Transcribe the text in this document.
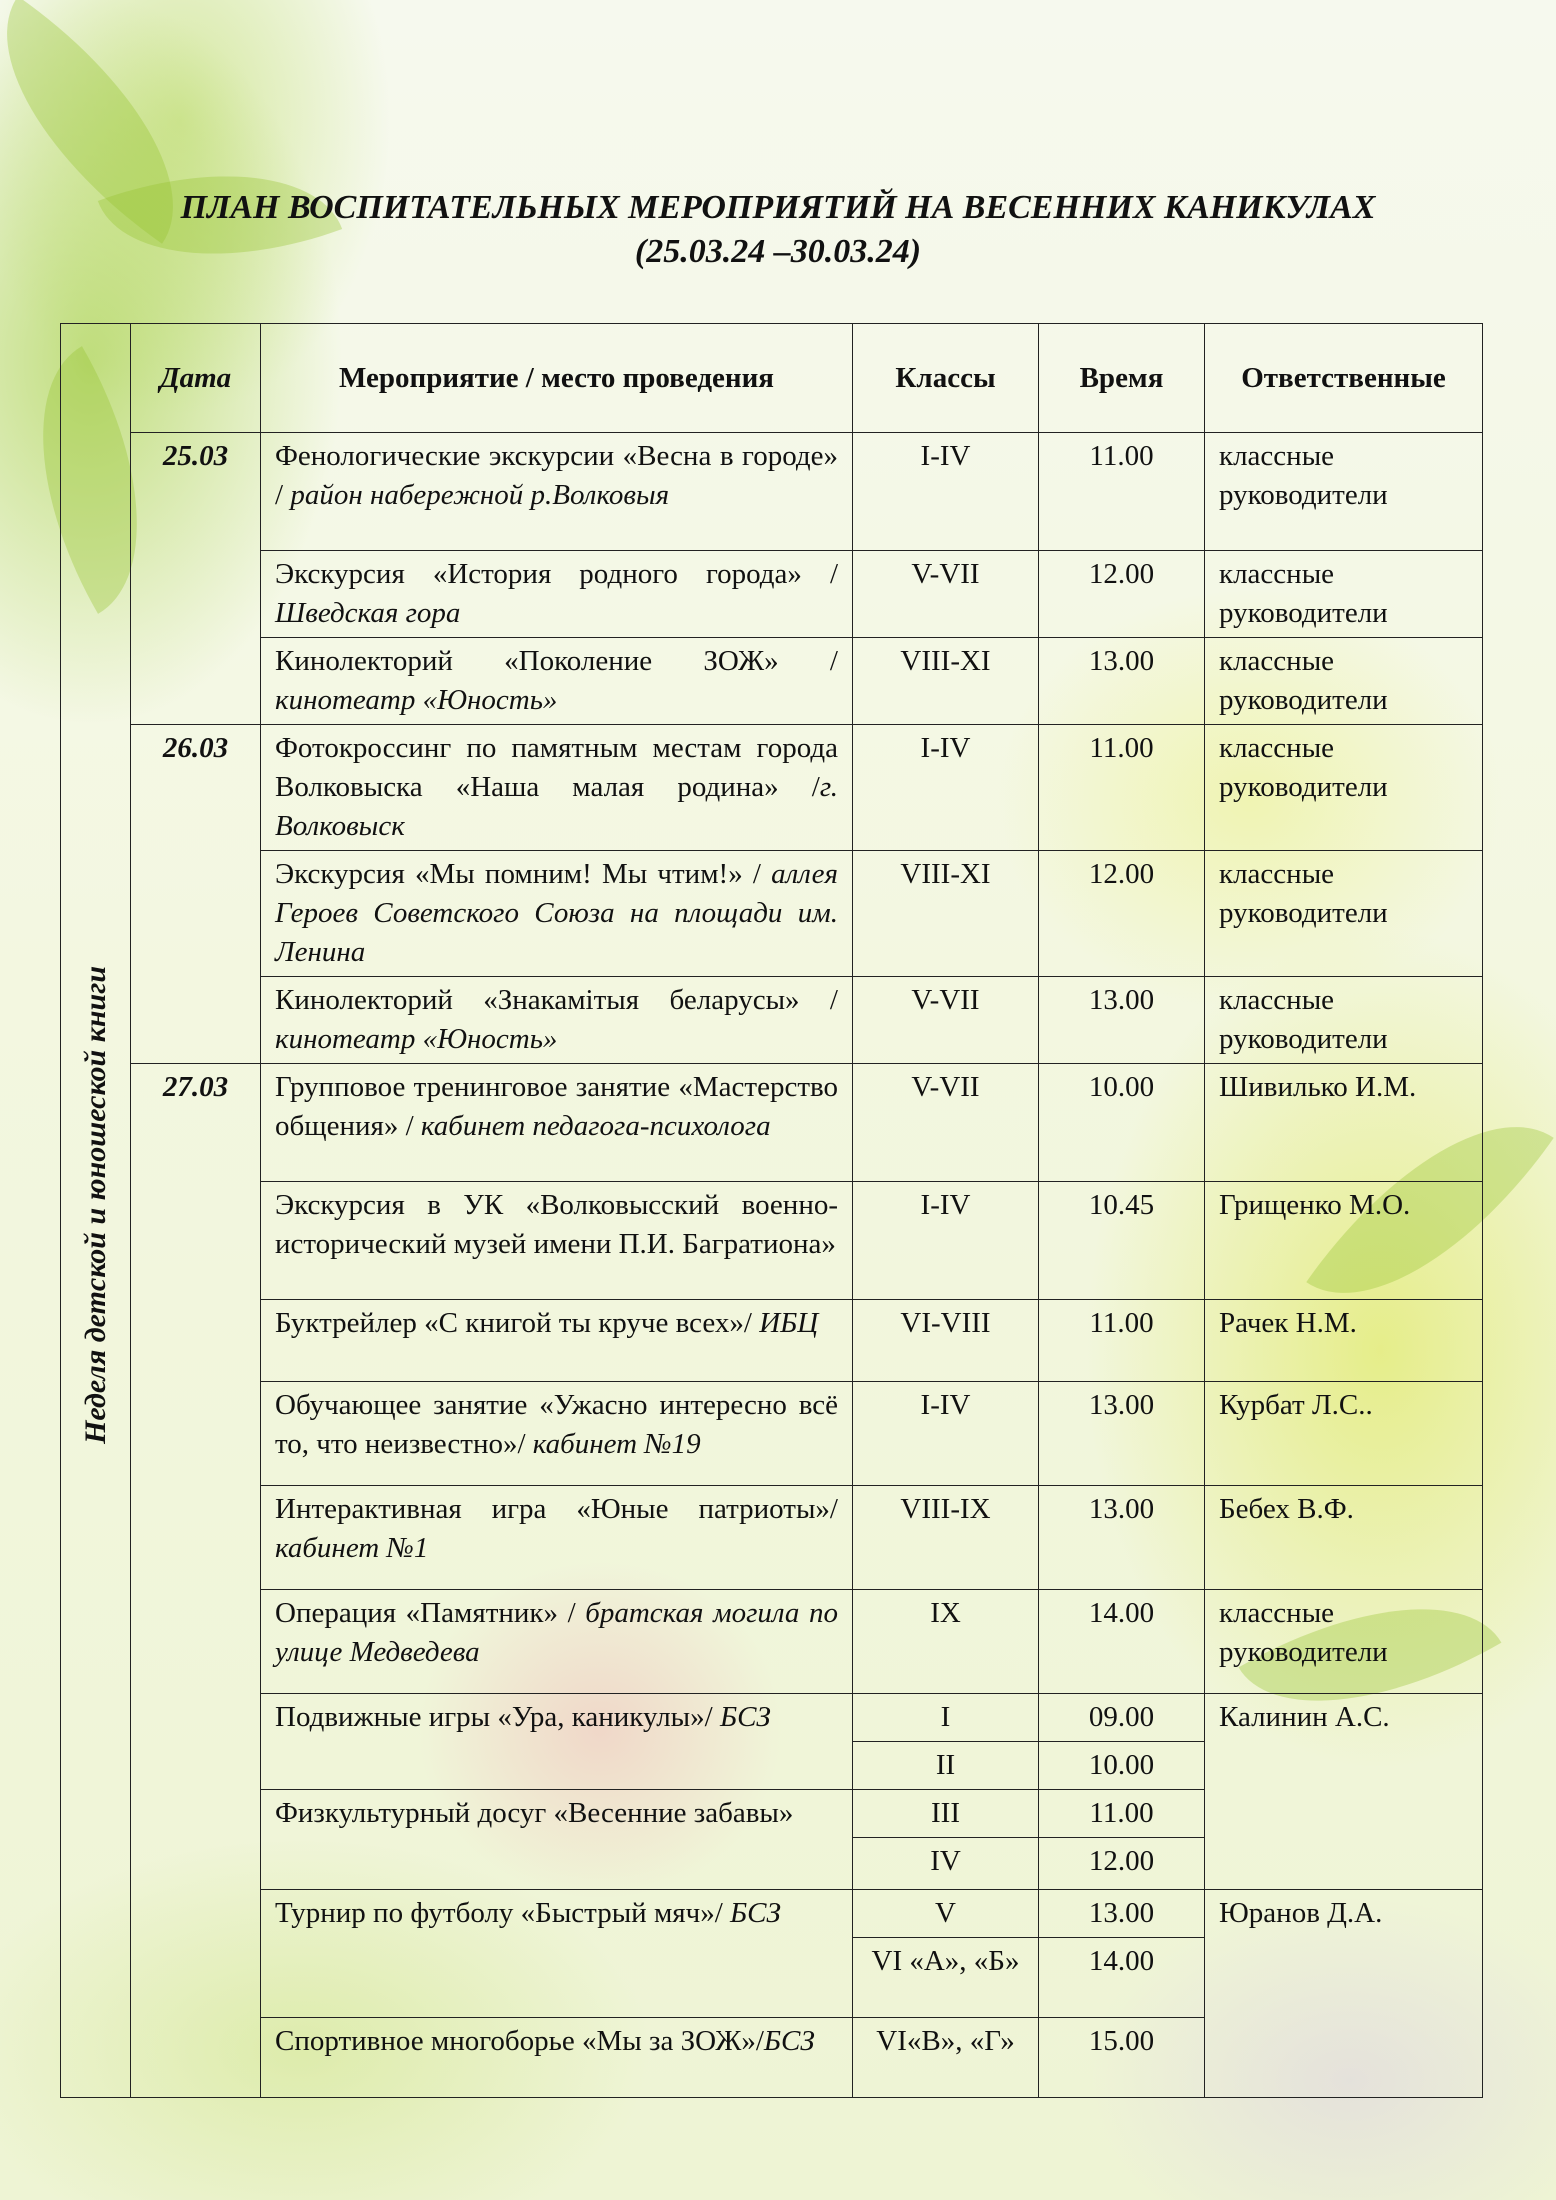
ПЛАН ВОСПИТАТЕЛЬНЫХ МЕРОПРИЯТИЙ НА ВЕСЕННИХ КАНИКУЛАХ
(25.03.24 –30.03.24)
Неделя детской и юношеской книги	Дата	Мероприятие / место проведения	Классы	Время	Ответственные
	25.03	Фенологические экскурсии «Весна в городе» / район набережной р.Волковыя	I-IV	11.00	классные руководители
		Экскурсия «История родного города» / Шведская гора	V-VII	12.00	классные руководители
		Кинолекторий «Поколение ЗОЖ» / кинотеатр «Юность»	VIII-XI	13.00	классные руководители
	26.03	Фотокроссинг по памятным местам города Волковыска «Наша малая родина» /г. Волковыск	I-IV	11.00	классные руководители
		Экскурсия «Мы помним! Мы чтим!» / аллея Героев Советского Союза на площади им. Ленина	VIII-XI	12.00	классные руководители
		Кинолекторий «Знакамітыя беларусы» / кинотеатр «Юность»	V-VII	13.00	классные руководители
	27.03	Групповое тренинговое занятие «Мастерство общения» / кабинет педагога-психолога	V-VII	10.00	Шивилько И.М.
		Экскурсия в УК «Волковысский военно-исторический музей имени П.И. Багратиона»	I-IV	10.45	Грищенко М.О.
		Буктрейлер «С книгой ты круче всех»/ ИБЦ	VI-VIII	11.00	Рачек Н.М.
		Обучающее занятие «Ужасно интересно всё то, что неизвестно»/ кабинет №19	I-IV	13.00	Курбат Л.С..
		Интерактивная игра «Юные патриоты»/ кабинет №1	VIII-IX	13.00	Бебех В.Ф.
		Операция «Памятник» / братская могила по улице Медведева	IX	14.00	классные руководители
		Подвижные игры «Ура, каникулы»/ БСЗ	I	09.00	Калинин А.С.
			II	10.00	
		Физкультурный досуг «Весенние забавы»	III	11.00	
			IV	12.00	
		Турнир по футболу «Быстрый мяч»/ БСЗ	V	13.00	Юранов Д.А.
			VI «А», «Б»	14.00	
		Спортивное многоборье «Мы за ЗОЖ»/БСЗ	VI«В», «Г»	15.00	
